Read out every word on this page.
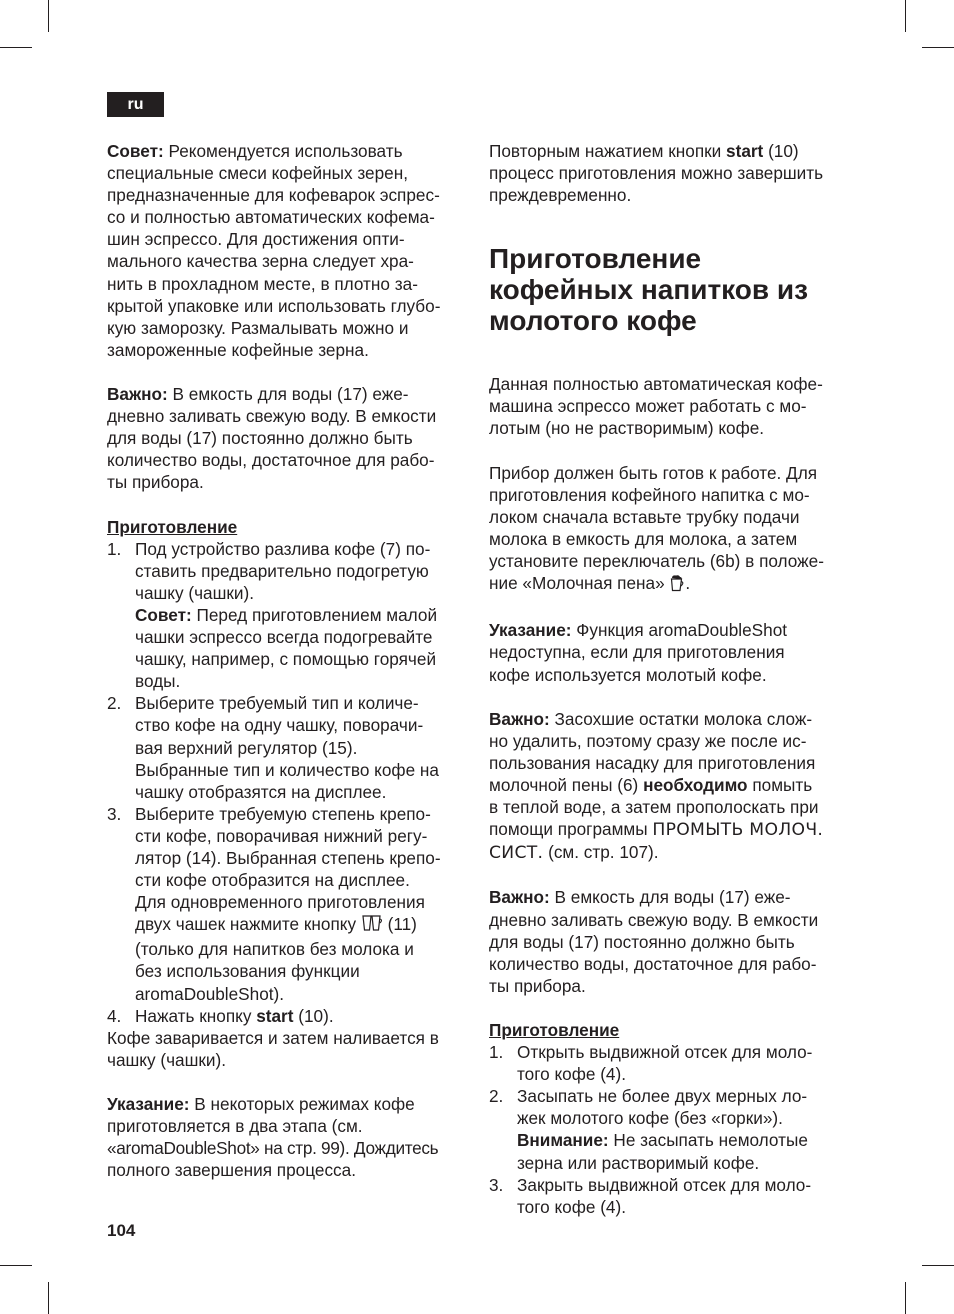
ru

Совет: Рекомендуется использовать

специальные смеси кофейных зерен,

предназначенные для кофеварок эспрес-

со и полностью автоматических кофема-

шин эспрессо. Для достижения опти-

мального качества зерна следует хра-

нить в прохладном месте, в плотно за-

крытой упаковке или использовать глубо-

кую заморозку. Размалывать можно и

замороженные кофейные зерна.

Важно: В емкость для воды (17) еже-

дневно заливать свежую воду. В емкости

для воды (17) постоянно должно быть

количество воды, достаточное для рабо-

ты прибора.

Приготовление

1. Под устройство разлива кофе (7) по-

ставить предварительно подогретую

чашку (чашки).

Совет: Перед приготовлением малой

чашки эспрессо всегда подогревайте

чашку, например, с помощью горячей

воды.

2. Выберите требуемый тип и количе-

ство кофе на одну чашку, поворачи-

вая верхний регулятор (15).

Выбранные тип и количество кофе на

чашку отобразятся на дисплее.

3. Выберите требуемую степень крепо-

сти кофе, поворачивая нижний регу-

лятор (14). Выбранная степень крепо-

сти кофе отобразится на дисплее.

Для одновременного приготовления

двух чашек нажмите кнопку  (11)

(только для напитков без молока и

без использования функции

aromaDoubleShot).

4. Нажать кнопку start (10).

Кофе заваривается и затем наливается в

чашку (чашки).

Указание: В некоторых режимах кофе

приготовляется в два этапа (см.

«aromaDoubleShot» на стр. 99). Дождитесь

полного завершения процесса.

Повторным нажатием кнопки start (10)

процесс приготовления можно завершить

преждевременно.

Приготовление
кофейных напитков из
молотого кофе

Данная полностью автоматическая кофе-

машина эспрессо может работать с мо-

лотым (но не растворимым) кофе.

Прибор должен быть готов к работе. Для

приготовления кофейного напитка с мо-

локом сначала вставьте трубку подачи

молока в емкость для молока, а затем

установите переключатель (6b) в положе-

ние «Молочная пена» .

Указание: Функция aromaDoubleShot

недоступна, если для приготовления

кофе используется молотый кофе.

Важно: Засохшие остатки молока слож-

но удалить, поэтому сразу же после ис-

пользования насадку для приготовления

молочной пены (6) необходимо помыть

в теплой воде, а затем прополоскать при

помощи программы ПРОМЫТЬ МОЛОЧ.

СИСТ. (см. стр. 107).

Важно: В емкость для воды (17) еже-

дневно заливать свежую воду. В емкости

для воды (17) постоянно должно быть

количество воды, достаточное для рабо-

ты прибора.

Приготовление

1. Открыть выдвижной отсек для моло-

того кофе (4).

2. Засыпать не более двух мерных ло-

жек молотого кофе (без «горки»).

Внимание: Не засыпать немолотые

зерна или растворимый кофе.

3. Закрыть выдвижной отсек для моло-

того кофе (4).

104
